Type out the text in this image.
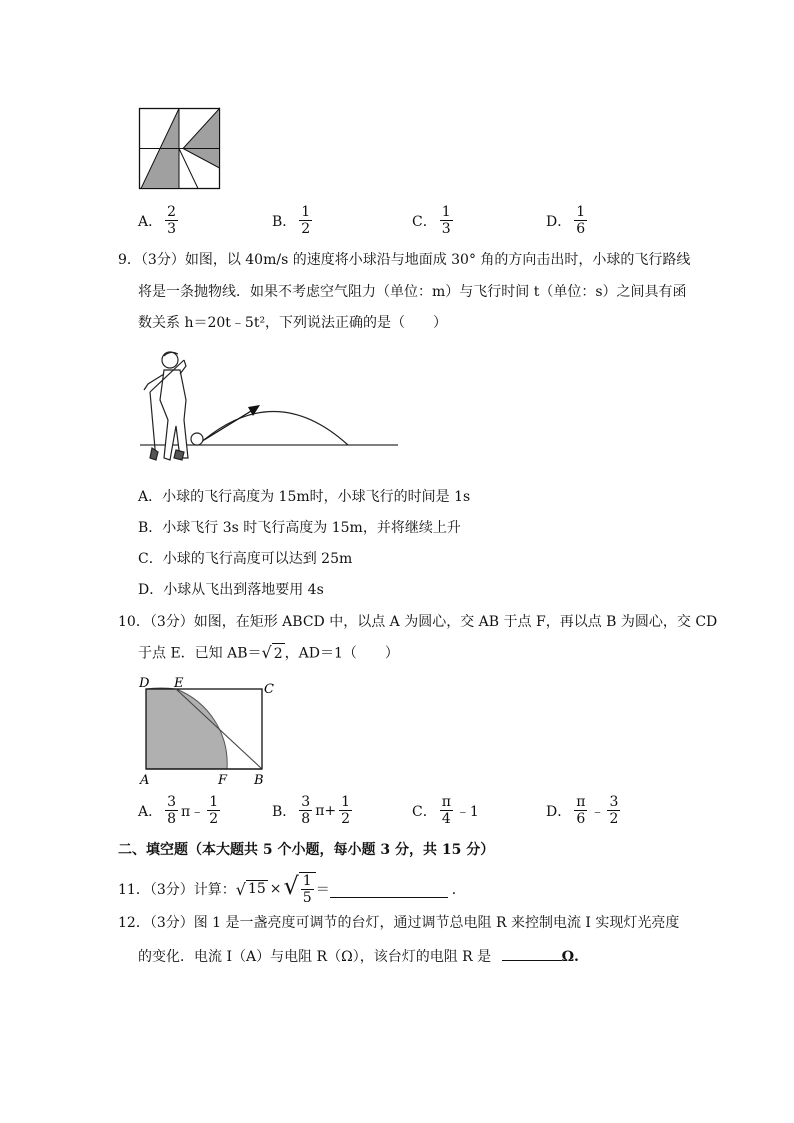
A． $\frac{2}{3}$	B． $\frac{1}{2}$	C． $\frac{1}{3}$	D． $\frac{1}{6}$
9．（3分）如图，以 40m/s 的速度将小球沿与地面成 30° 角的方向击出时，小球的飞行路线
将是一条抛物线．如果不考虑空气阻力（单位：m）与飞行时间 t（单位：s）之间具有函
数关系 h＝20t﹣5t²，下列说法正确的是（　　）
A．小球的飞行高度为 15m时，小球飞行的时间是 1s
B．小球飞行 3s 时飞行高度为 15m，并将继续上升
C．小球的飞行高度可以达到 25m
D．小球从飞出到落地要用 4s
10．（3分）如图，在矩形 ABCD 中，以点 A 为圆心，交 AB 于点 F，再以点 B 为圆心，交 CD
于点 E．已知 AB＝ √ 2 ，AD＝1（　　）
D E	C
A	F B
A． $\frac{3}{8}$ π﹣ $\frac{1}{2}$	B． $\frac{3}{8} \pi+ \frac{1}{2}$	C． $\frac{\pi}{4}$ ﹣1	D． $\frac{\pi}{6}$ ﹣ $\frac{3}{2}$
二、填空题（本大题共 5 个小题，每小题 3 分，共 15 分）
11．（3分）计算： √ 15 × √ $\frac{1}{5}$ ＝	．
12．（3分）图 1 是一盏亮度可调节的台灯，通过调节总电阻 R 来控制电流 I 实现灯光亮度
的变化．电流 I（A）与电阻 R（Ω），该台灯的电阻 R 是	Ω.
